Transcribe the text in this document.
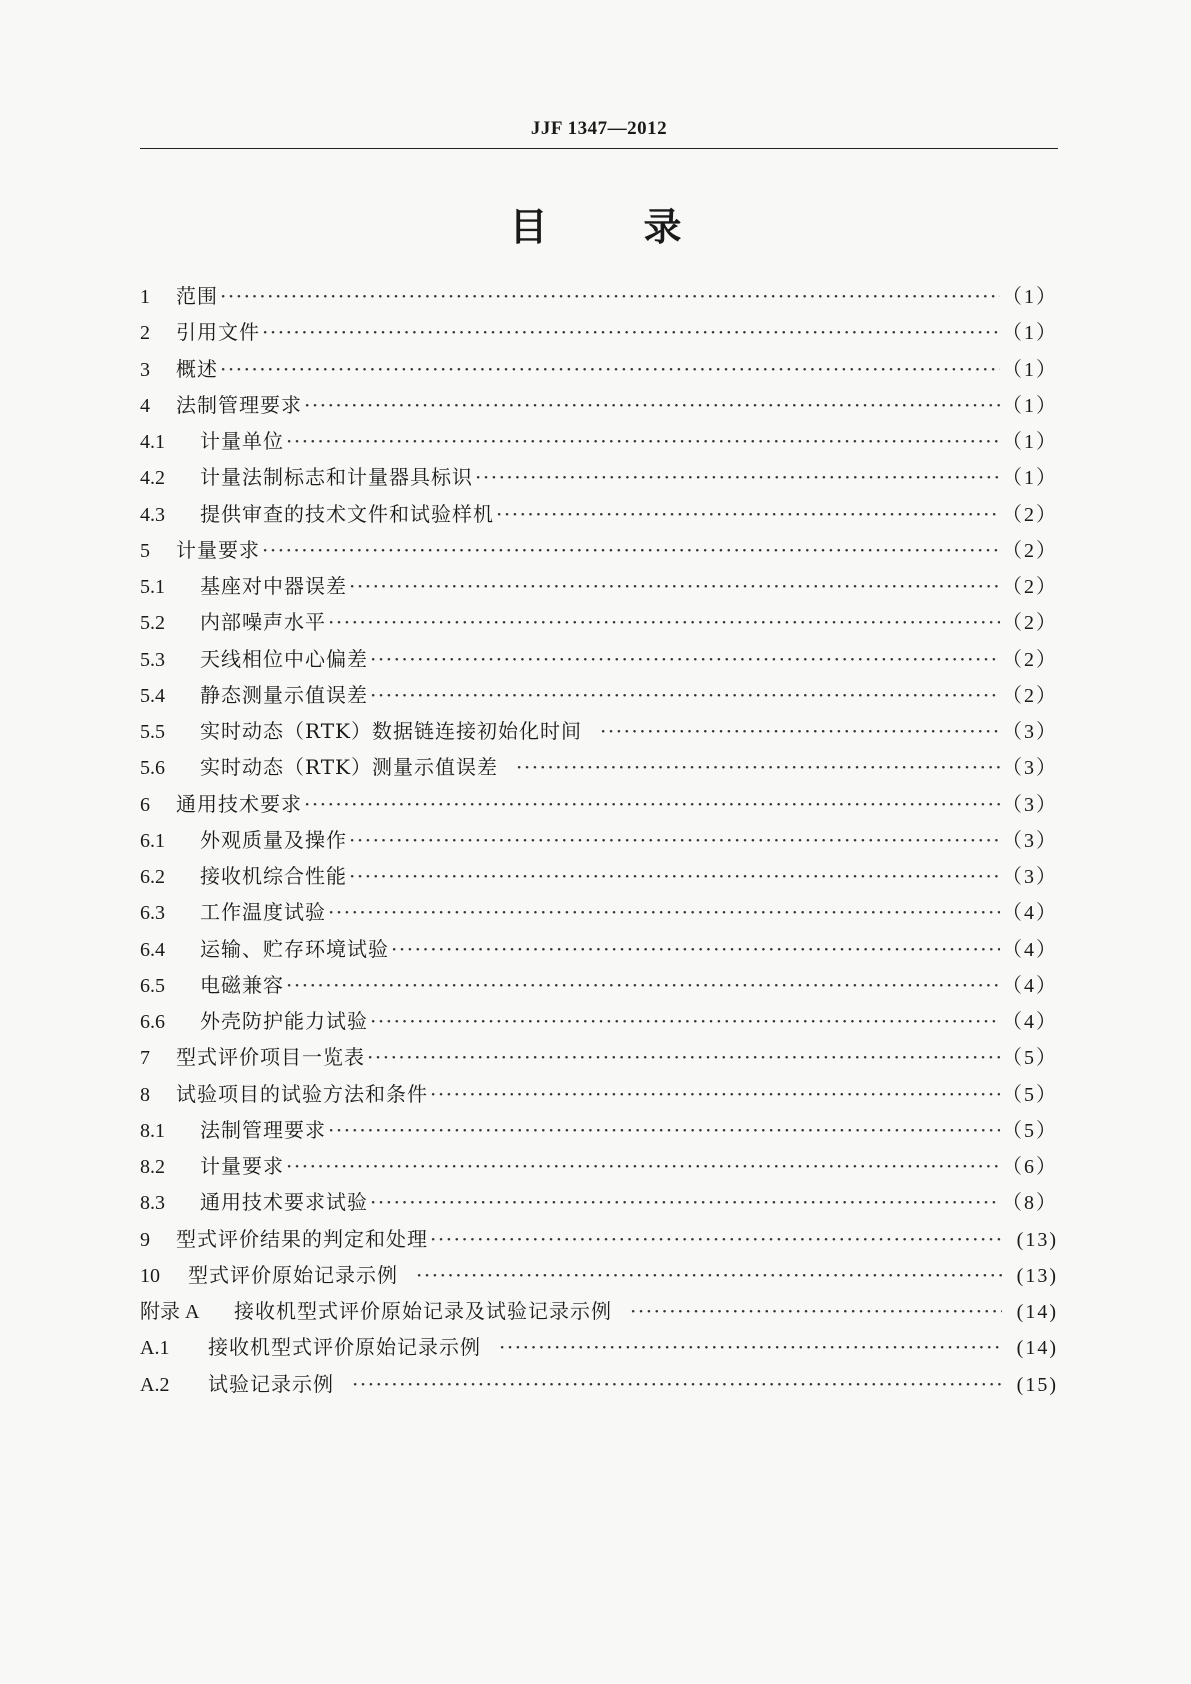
JJF 1347—2012
目	录
1	范围 ·····	（1）
2	引用文件 ·····	（1）
3	概述 ·····	（1）
4	法制管理要求 ·····	（1）
4.1	计量单位 ·····	（1）
4.2	计量法制标志和计量器具标识 ·····	（1）
4.3	提供审查的技术文件和试验样机 ·····	（2）
5	计量要求 ·····	（2）
5.1	基座对中器误差 ·····	（2）
5.2	内部噪声水平 ·····	（2）
5.3	天线相位中心偏差 ·····	（2）
5.4	静态测量示值误差 ·····	（2）
5.5	实时动态（RTK）数据链连接初始化时间 ·····	（3）
5.6	实时动态（RTK）测量示值误差 ·····	（3）
6	通用技术要求 ·····	（3）
6.1	外观质量及操作 ·····	（3）
6.2	接收机综合性能 ·····	（3）
6.3	工作温度试验 ·····	（4）
6.4	运输、贮存环境试验 ·····	（4）
6.5	电磁兼容 ·····	（4）
6.6	外壳防护能力试验 ·····	（4）
7	型式评价项目一览表 ·····	（5）
8	试验项目的试验方法和条件 ·····	（5）
8.1	法制管理要求 ·····	（5）
8.2	计量要求 ·····	（6）
8.3	通用技术要求试验 ·····	（8）
9	型式评价结果的判定和处理 ·····	(13)
10	型式评价原始记录示例 ·····	(13)
附录 A	接收机型式评价原始记录及试验记录示例 ·····	(14)
A.1	接收机型式评价原始记录示例 ·····	(14)
A.2	试验记录示例 ·····	(15)
